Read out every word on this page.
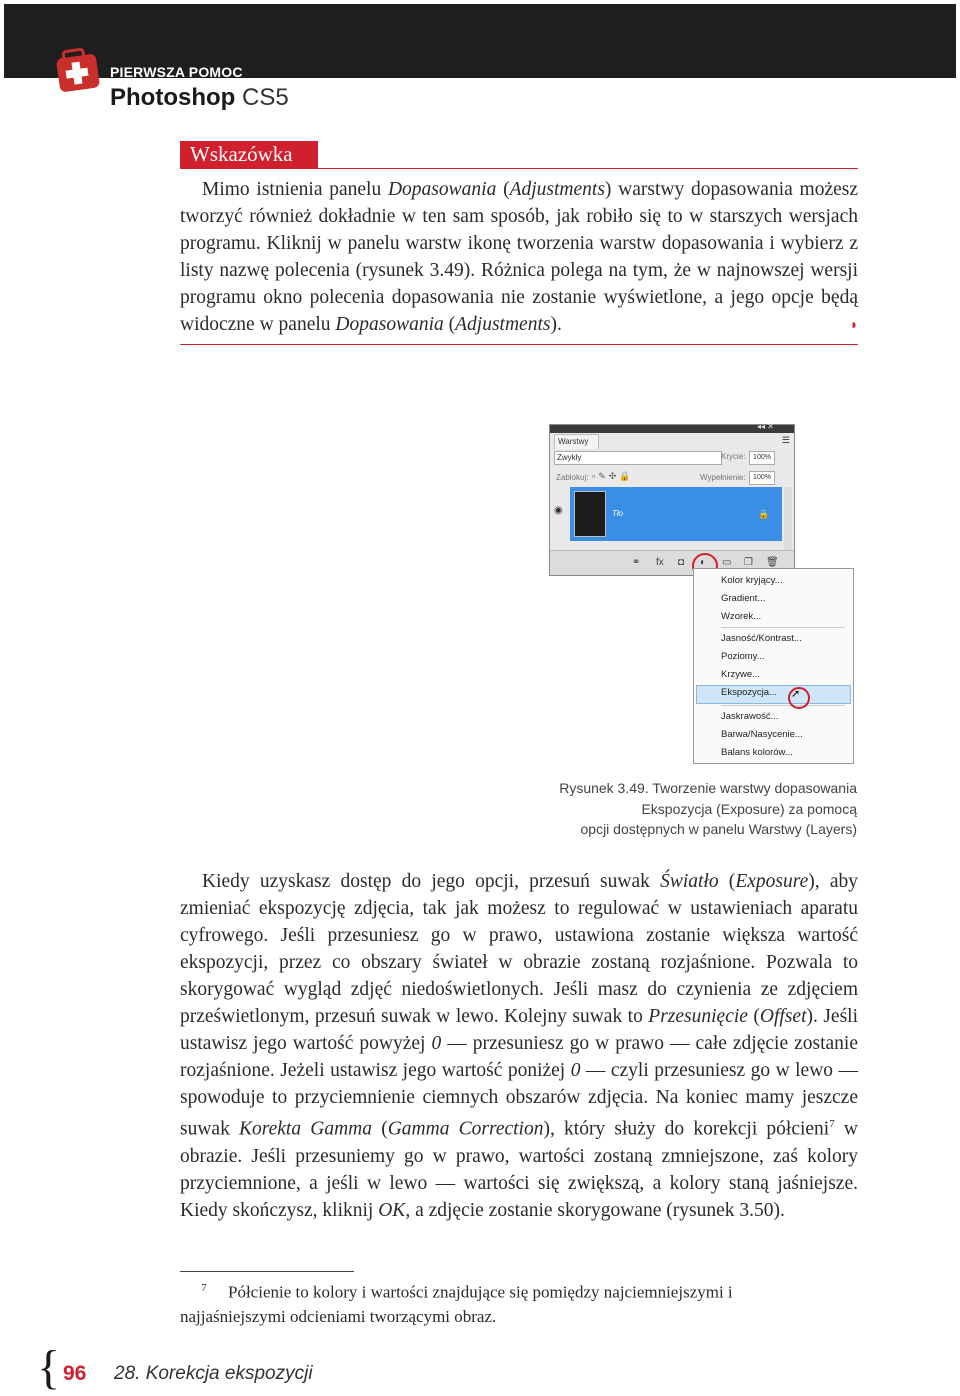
PIERWSZA POMOC
Photoshop CS5
Wskazówka
Mimo istnienia panelu Dopasowania (Adjustments) warstwy dopasowania możesz tworzyć również dokładnie w ten sam sposób, jak robiło się to w starszych wersjach programu. Kliknij w panelu warstw ikonę tworzenia warstw dopasowania i wybierz z listy nazwę polecenia (rysunek 3.49). Różnica polega na tym, że w najnowszej wersji programu okno polecenia dopasowania nie zostanie wyświetlone, a jego opcje będą widoczne w panelu Dopasowania (Adjustments).	◗
◂◂ ✕
Warstwy	☰
Zwykły	Krycie:	100%
Zablokuj: ▫✎✣🔒	Wypełnienie:	100%
◉	Tło	🔒
⚭ fx ◘ ◐ ▭ ❐ 🗑
Kolor kryjący...
Gradient...
Wzorek...
Jasność/Kontrast...
Poziomy...
Krzywe...
Ekspozycja...
Jaskrawość...
Barwa/Nasycenie...
Balans kolorów...
➚
Rysunek 3.49. Tworzenie warstwy dopasowania
Ekspozycja (Exposure) za pomocą
opcji dostępnych w panelu Warstwy (Layers)
Kiedy uzyskasz dostęp do jego opcji, przesuń suwak Światło (Exposure), aby zmieniać ekspozycję zdjęcia, tak jak możesz to regulować w ustawieniach aparatu cyfrowego. Jeśli przesuniesz go w prawo, ustawiona zostanie większa wartość ekspozycji, przez co obszary świateł w obrazie zostaną rozjaśnione. Pozwala to skorygować wygląd zdjęć niedoświetlonych. Jeśli masz do czynienia ze zdjęciem prześwietlonym, przesuń suwak w lewo. Kolejny suwak to Przesunięcie (Offset). Jeśli ustawisz jego wartość powyżej 0 — przesuniesz go w prawo — całe zdjęcie zostanie rozjaśnione. Jeżeli ustawisz jego wartość poniżej 0 — czyli przesuniesz go w lewo — spowoduje to przyciemnienie ciemnych obszarów zdjęcia. Na koniec mamy jeszcze suwak Korekta Gamma (Gamma Correction), który służy do korekcji półcieni$^7$ w obrazie. Jeśli przesuniemy go w prawo, wartości zostaną zmniejszone, zaś kolory przyciemnione, a jeśli w lewo — wartości się zwiększą, a kolory staną jaśniejsze. Kiedy skończysz, kliknij OK, a zdjęcie zostanie skorygowane (rysunek 3.50).
$^7$ Półcienie to kolory i wartości znajdujące się pomiędzy najciemniejszymi i najjaśniejszymi odcieniami tworzącymi obraz.
{ 96 28. Korekcja ekspozycji
